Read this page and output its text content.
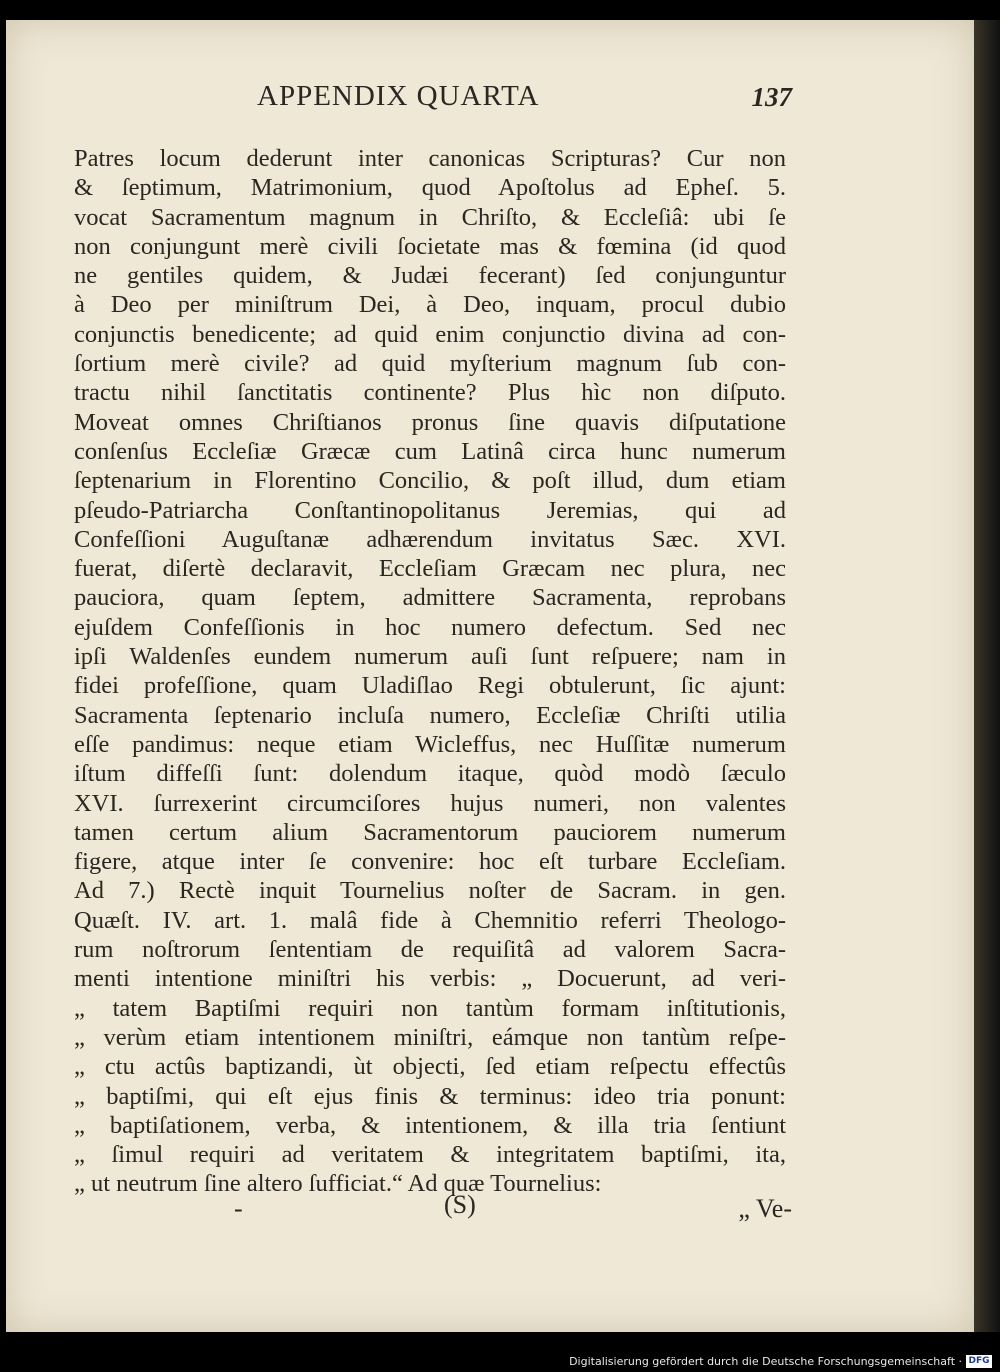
APPENDIX QUARTA	137
Patres locum dederunt inter canonicas Scripturas? Cur non
& ſeptimum, Matrimonium, quod Apoſtolus ad Epheſ. 5.
vocat Sacramentum magnum in Chriſto, & Eccleſiâ: ubi ſe
non conjungunt merè civili ſocietate mas & fœmina (id quod
ne gentiles quidem, & Judæi fecerant) ſed conjunguntur
à Deo per miniſtrum Dei, à Deo, inquam, procul dubio
conjunctis benedicente; ad quid enim conjunctio divina ad con-
ſortium merè civile? ad quid myſterium magnum ſub con-
tractu nihil ſanctitatis continente? Plus hìc non diſputo.
Moveat omnes Chriſtianos pronus ſine quavis diſputatione
conſenſus Eccleſiæ Græcæ cum Latinâ circa hunc numerum
ſeptenarium in Florentino Concilio, & poſt illud, dum etiam
pſeudo-Patriarcha Conſtantinopolitanus Jeremias, qui ad
Confeſſioni Auguſtanæ adhærendum invitatus Sæc. XVI.
fuerat, diſertè declaravit, Eccleſiam Græcam nec plura, nec
pauciora, quam ſeptem, admittere Sacramenta, reprobans
ejuſdem Confeſſionis in hoc numero defectum. Sed nec
ipſi Waldenſes eundem numerum auſi ſunt reſpuere; nam in
fidei profeſſione, quam Uladiſlao Regi obtulerunt, ſic ajunt:
Sacramenta ſeptenario incluſa numero, Eccleſiæ Chriſti utilia
eſſe pandimus: neque etiam Wicleffus, nec Huſſitæ numerum
iſtum diffeſſi ſunt: dolendum itaque, quòd modò ſæculo
XVI. ſurrexerint circumciſores hujus numeri, non valentes
tamen certum alium Sacramentorum pauciorem numerum
figere, atque inter ſe convenire: hoc eſt turbare Eccleſiam.
Ad 7.) Rectè inquit Tournelius noſter de Sacram. in gen.
Quæſt. IV. art. 1. malâ fide à Chemnitio referri Theologo-
rum noſtrorum ſententiam de requiſitâ ad valorem Sacra-
menti intentione miniſtri his verbis: „ Docuerunt, ad veri-
„ tatem Baptiſmi requiri non tantùm formam inſtitutionis,
„ verùm etiam intentionem miniſtri, eámque non tantùm reſpe-
„ ctu actûs baptizandi, ùt objecti, ſed etiam reſpectu effectûs
„ baptiſmi, qui eſt ejus finis & terminus: ideo tria ponunt:
„ baptiſationem, verba, & intentionem, & illa tria ſentiunt
„ ſimul requiri ad veritatem & integritatem baptiſmi, ita,
„ ut neutrum ſine altero ſufficiat.“ Ad quæ Tournelius:
-	(S)	„ Ve-
Digitalisierung gefördert durch die Deutsche Forschungsgemeinschaft · DFG
